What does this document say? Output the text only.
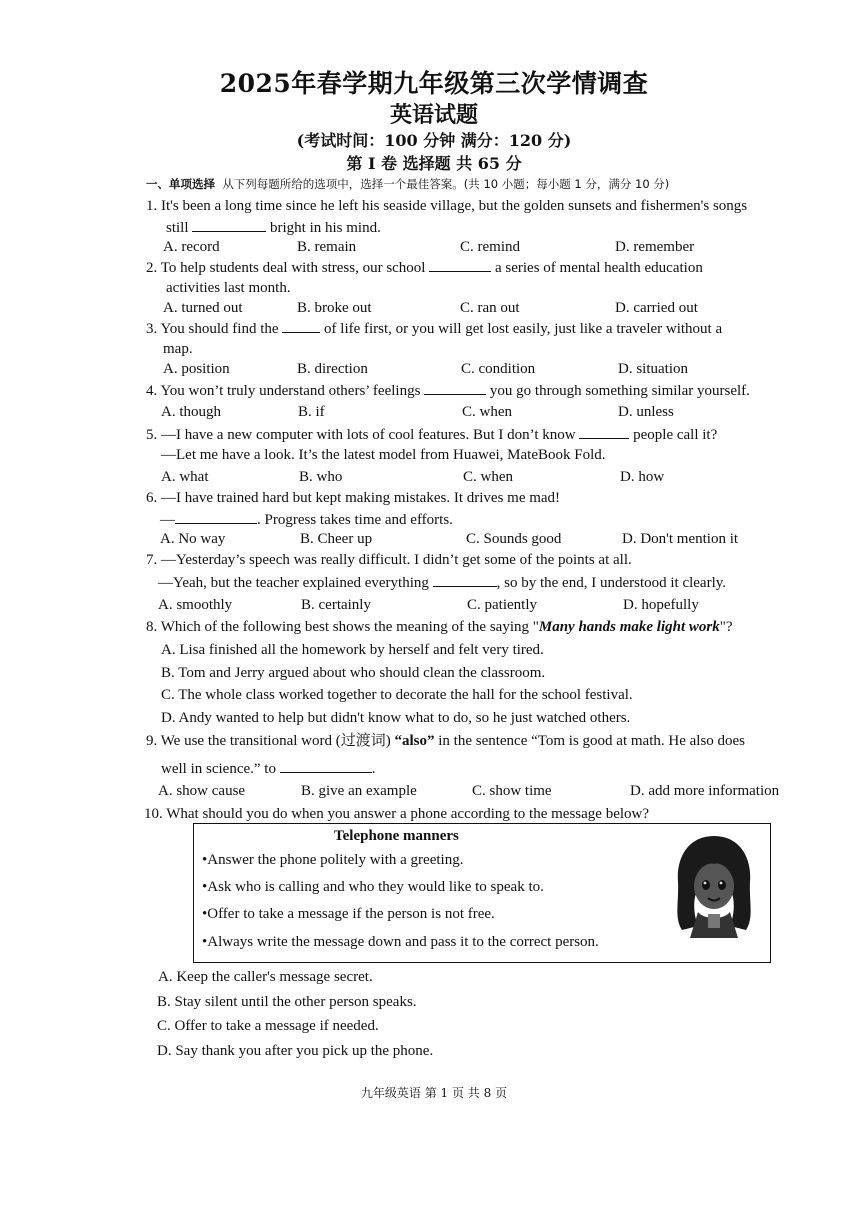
2025年春学期九年级第三次学情调查
英语试题
(考试时间：100 分钟 满分：120 分)
第 I 卷 选择题 共 65 分
一、单项选择 从下列每题所给的选项中，选择一个最佳答案。(共 10 小题；每小题 1 分，满分 10 分)
1. It's been a long time since he left his seaside village, but the golden sunsets and fishermen's songs
still	bright in his mind.
A. record	B. remain	C. remind	D. remember
2. To help students deal with stress, our school	a series of mental health education
activities last month.
A. turned out	B. broke out	C. ran out	D. carried out
3. You should find the	of life first, or you will get lost easily, just like a traveler without a
map.
A. position	B. direction	C. condition	D. situation
4. You won’t truly understand others’ feelings	you go through something similar yourself.
A. though	B. if	C. when	D. unless
5. —I have a new computer with lots of cool features. But I don’t know	people call it?
—Let me have a look. It’s the latest model from Huawei, MateBook Fold.
A. what	B. who	C. when	D. how
6. —I have trained hard but kept making mistakes. It drives me mad!
—	. Progress takes time and efforts.
A. No way	B. Cheer up	C. Sounds good	D. Don't mention it
7. —Yesterday’s speech was really difficult. I didn’t get some of the points at all.
—Yeah, but the teacher explained everything	, so by the end, I understood it clearly.
A. smoothly	B. certainly	C. patiently	D. hopefully
8. Which of the following best shows the meaning of the saying "Many hands make light work"?
A. Lisa finished all the homework by herself and felt very tired.
B. Tom and Jerry argued about who should clean the classroom.
C. The whole class worked together to decorate the hall for the school festival.
D. Andy wanted to help but didn't know what to do, so he just watched others.
9. We use the transitional word (过渡词) “also” in the sentence “Tom is good at math. He also does
well in science.” to	.
A. show cause	B. give an example	C. show time	D. add more information
10. What should you do when you answer a phone according to the message below?
Telephone manners
•Answer the phone politely with a greeting.
•Ask who is calling and who they would like to speak to.
•Offer to take a message if the person is not free.
•Always write the message down and pass it to the correct person.
A. Keep the caller's message secret.
B. Stay silent until the other person speaks.
C. Offer to take a message if needed.
D. Say thank you after you pick up the phone.
九年级英语 第 1 页 共 8 页
